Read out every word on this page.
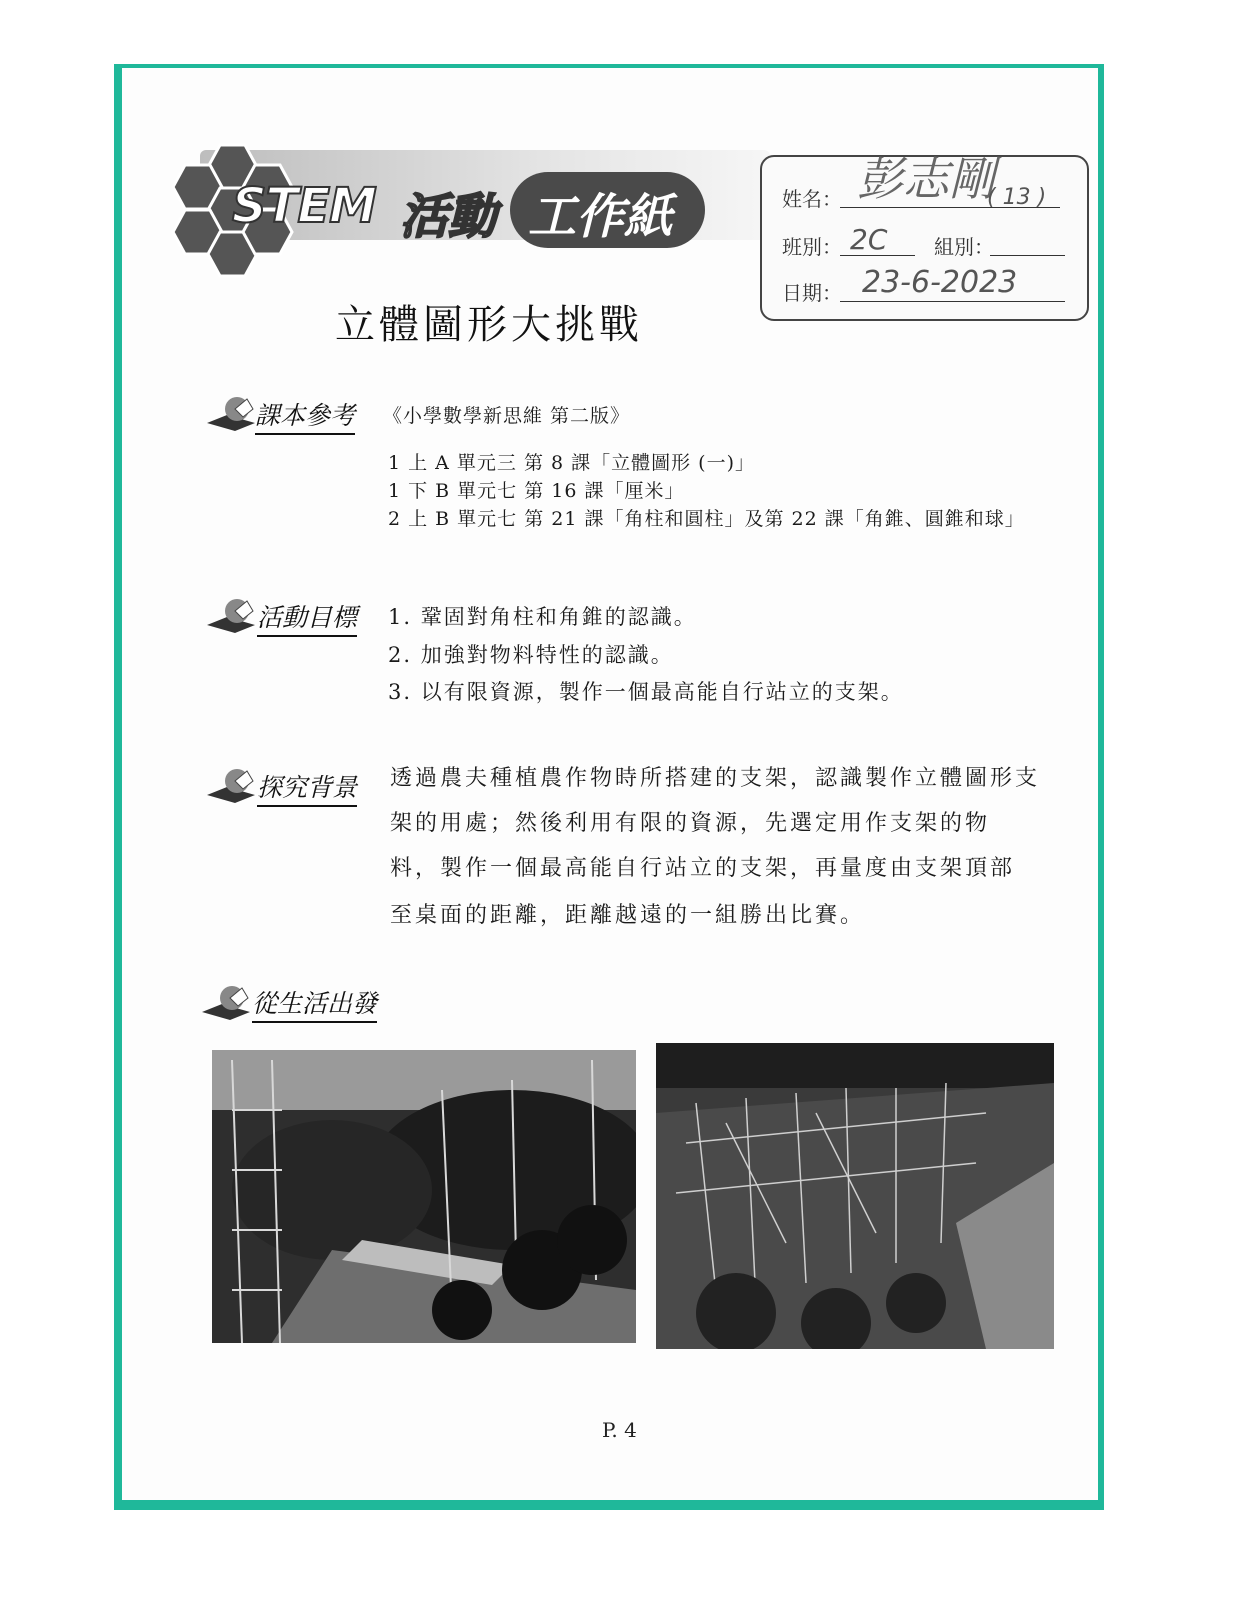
STEM 活動 工作紙	姓名： 彭志剛
( 13 )
班別： 2C 組別：
日期： 23-6-2023
立體圖形大挑戰
課本參考 《小學數學新思維 第二版》
1 上 A 單元三 第 8 課「立體圖形 (一)」
1 下 B 單元七 第 16 課「厘米」
2 上 B 單元七 第 21 課「角柱和圓柱」及第 22 課「角錐、圓錐和球」
活動目標 1. 鞏固對角柱和角錐的認識。
2. 加強對物料特性的認識。
3. 以有限資源，製作一個最高能自行站立的支架。
探究背景 透過農夫種植農作物時所搭建的支架，認識製作立體圖形支
架的用處；然後利用有限的資源，先選定用作支架的物
料，製作一個最高能自行站立的支架，再量度由支架頂部
至桌面的距離，距離越遠的一組勝出比賽。
從生活出發
P. 4
